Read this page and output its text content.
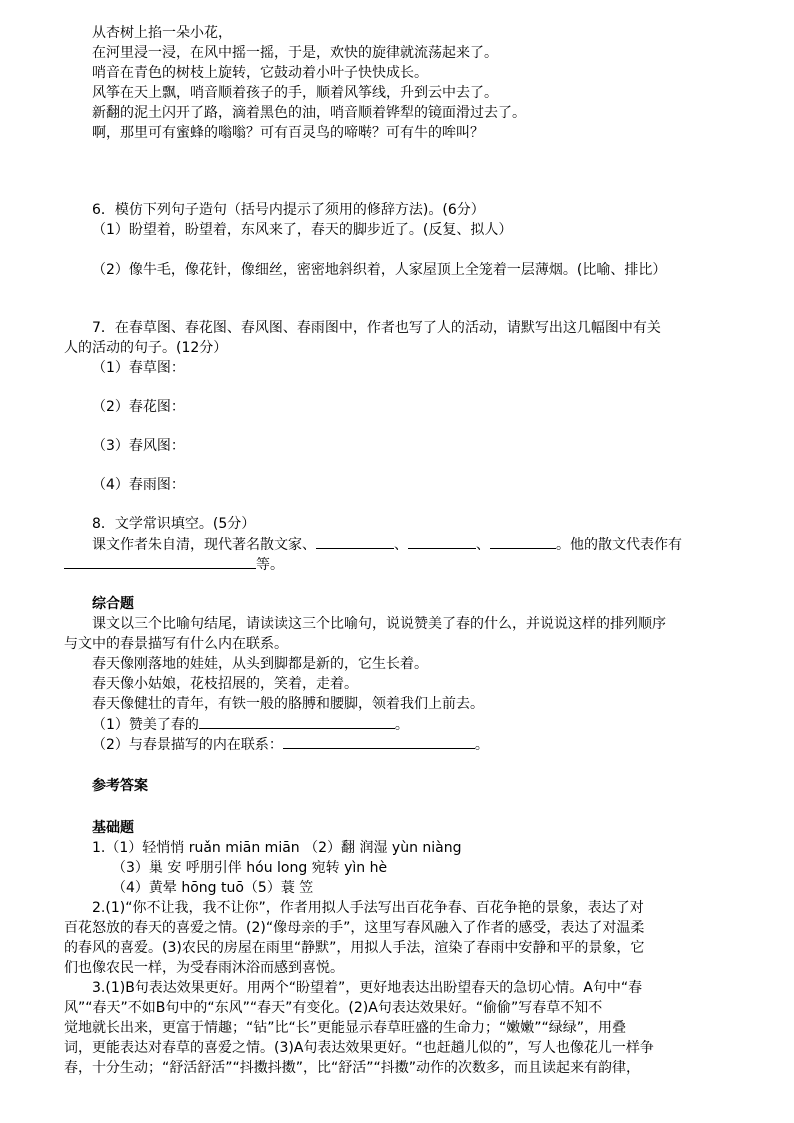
从杏树上掐一朵小花，
在河里浸一浸，在风中摇一摇，于是，欢快的旋律就流荡起来了。
哨音在青色的树枝上旋转，它鼓动着小叶子快快成长。
风筝在天上飘，哨音顺着孩子的手，顺着风筝线，升到云中去了。
新翻的泥土闪开了路，滴着黑色的油，哨音顺着铧犁的镜面滑过去了。
啊，那里可有蜜蜂的嗡嗡？可有百灵鸟的啼啭？可有牛的哞叫？
6．模仿下列句子造句（括号内提示了须用的修辞方法)。(6分）
（1）盼望着，盼望着，东风来了，春天的脚步近了。(反复、拟人）
（2）像牛毛，像花针，像细丝，密密地斜织着，人家屋顶上全笼着一层薄烟。(比喻、排比）
7．在春草图、春花图、春风图、春雨图中，作者也写了人的活动，请默写出这几幅图中有关
人的活动的句子。(12分）
（1）春草图：
（2）春花图：
（3）春风图：
（4）春雨图：
8．文学常识填空。(5分）
课文作者朱自清，现代著名散文家、	、	、	。他的散文代表作有
等。
综合题
课文以三个比喻句结尾，请读读这三个比喻句，说说赞美了春的什么，并说说这样的排列顺序
与文中的春景描写有什么内在联系。
春天像刚落地的娃娃，从头到脚都是新的，它生长着。
春天像小姑娘，花枝招展的，笑着，走着。
春天像健壮的青年，有铁一般的胳膊和腰脚，领着我们上前去。
（1）赞美了春的	。
（2）与春景描写的内在联系：	。
参考答案
基础题
1.（1）轻悄悄 ruǎn miān miān （2）翻 润湿 yùn niàng
（3）巢 安 呼朋引伴 hóu long 宛转 yìn hè
（4）黄晕 hōng tuō（5）蓑 笠
2.(1)“你不让我，我不让你”，作者用拟人手法写出百花争春、百花争艳的景象，表达了对
百花怒放的春天的喜爱之情。(2)“像母亲的手”，这里写春风融入了作者的感受，表达了对温柔
的春风的喜爱。(3)农民的房屋在雨里“静默”，用拟人手法，渲染了春雨中安静和平的景象，它
们也像农民一样，为受春雨沐浴而感到喜悦。
3.(1)B句表达效果更好。用两个“盼望着”，更好地表达出盼望春天的急切心情。A句中“春
风”“春天”不如B句中的“东风”“春天”有变化。(2)A句表达效果好。“偷偷”写春草不知不
觉地就长出来，更富于情趣；“钻”比“长”更能显示春草旺盛的生命力；“嫩嫩”“绿绿”，用叠
词，更能表达对春草的喜爱之情。(3)A句表达效果更好。“也赶趟儿似的”，写人也像花儿一样争
春，十分生动；“舒活舒活”“抖擞抖擞”，比“舒活”“抖擞”动作的次数多，而且读起来有韵律，
